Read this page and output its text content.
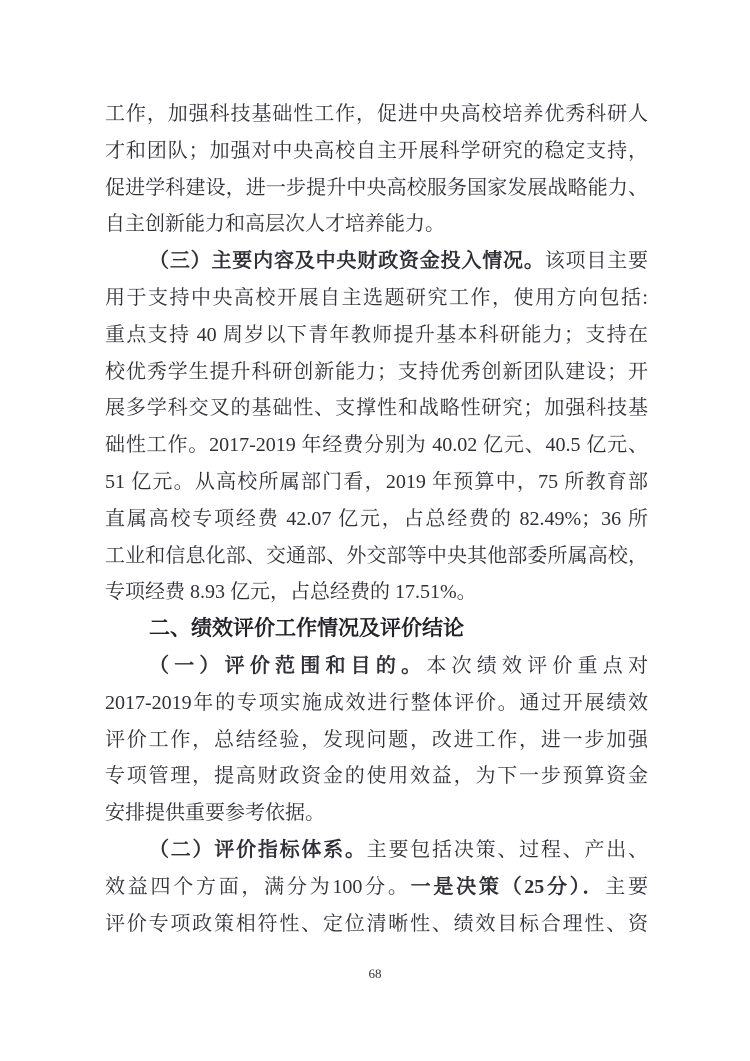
工作，加强科技基础性工作，促进中央高校培养优秀科研人
才和团队；加强对中央高校自主开展科学研究的稳定支持，
促进学科建设，进一步提升中央高校服务国家发展战略能力、
自主创新能力和高层次人才培养能力。
（三）主要内容及中央财政资金投入情况。该项目主要
用于支持中央高校开展自主选题研究工作，使用方向包括:
重点支持 40 周岁以下青年教师提升基本科研能力；支持在
校优秀学生提升科研创新能力；支持优秀创新团队建设；开
展多学科交叉的基础性、支撑性和战略性研究；加强科技基
础性工作。2017-2019 年经费分别为 40.02 亿元、40.5 亿元、
51 亿元。从高校所属部门看，2019 年预算中，75 所教育部
直属高校专项经费 42.07 亿元，占总经费的 82.49%；36 所
工业和信息化部、交通部、外交部等中央其他部委所属高校，
专项经费 8.93 亿元，占总经费的 17.51%。
二、绩效评价工作情况及评价结论
（一）评价范围和目的。本次绩效评价重点对
2017-2019年的专项实施成效进行整体评价。通过开展绩效
评价工作，总结经验，发现问题，改进工作，进一步加强
专项管理，提高财政资金的使用效益，为下一步预算资金
安排提供重要参考依据。
（二）评价指标体系。主要包括决策、过程、产出、
效益四个方面，满分为100分。一是决策（25分）．主要
评价专项政策相符性、定位清晰性、绩效目标合理性、资
68
